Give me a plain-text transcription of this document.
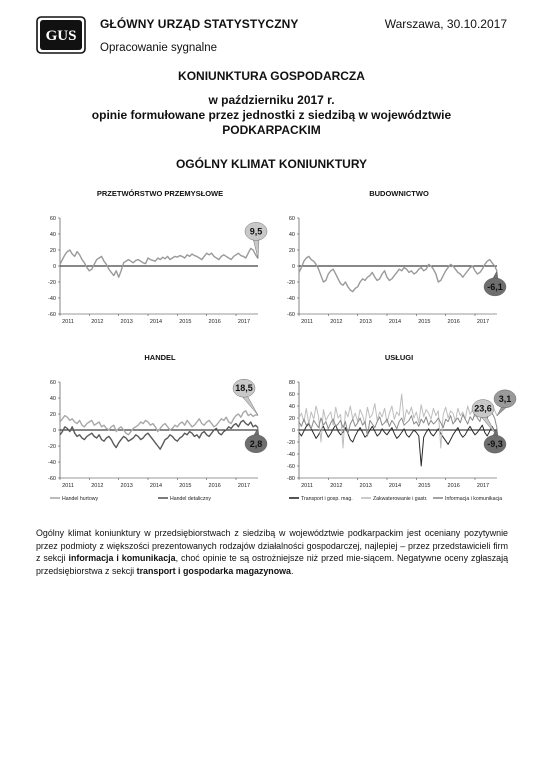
GUS
GŁÓWNY URZĄD STATYSTYCZNY	Warszawa, 30.10.2017
Opracowanie sygnalne
KONIUNKTURA GOSPODARCZA
w październiku 2017 r.
opinie formułowane przez jednostki z siedzibą w województwie
PODKARPACKIM
OGÓLNY KLIMAT KONIUNKTURY
PRZETWÓRSTWO PRZEMYSŁOWE
60
40
20
0
-20
-40
-60
2011	2012	2013	2014	2015	2016	2017
9,5
BUDOWNICTWO
60
40
20
0
-20
-40
-60
2011	2012	2013	2014	2015	2016	2017
-6,1
HANDEL
60
40
20
0
-20
-40
-60
2011	2012	2013	2014	2015	2016	2017
18,5
2,8
Handel hurtowy	Handel detaliczny
USŁUGI
80
60
40
20
0
-20
-40
-60
-80
2011	2012	2013	2014	2015	2016	2017
23,6
3,1
-9,3
Transport i gosp. mag.	Zakwaterowanie i gastr.	Informacja i komunikacja
Ogólny klimat koniunktury w przedsiębiorstwach z siedzibą w województwie podkarpackim jest oceniany pozytywnie przez podmioty z większości prezentowanych rodzajów działalności gospodarczej, najlepiej – przez przedstawicieli firm z sekcji informacja i komunikacja, choć opinie te są ostrożniejsze niż przed mie-siącem. Negatywne oceny zgłaszają przedsiębiorstwa z sekcji transport i gospodarka magazynowa.
